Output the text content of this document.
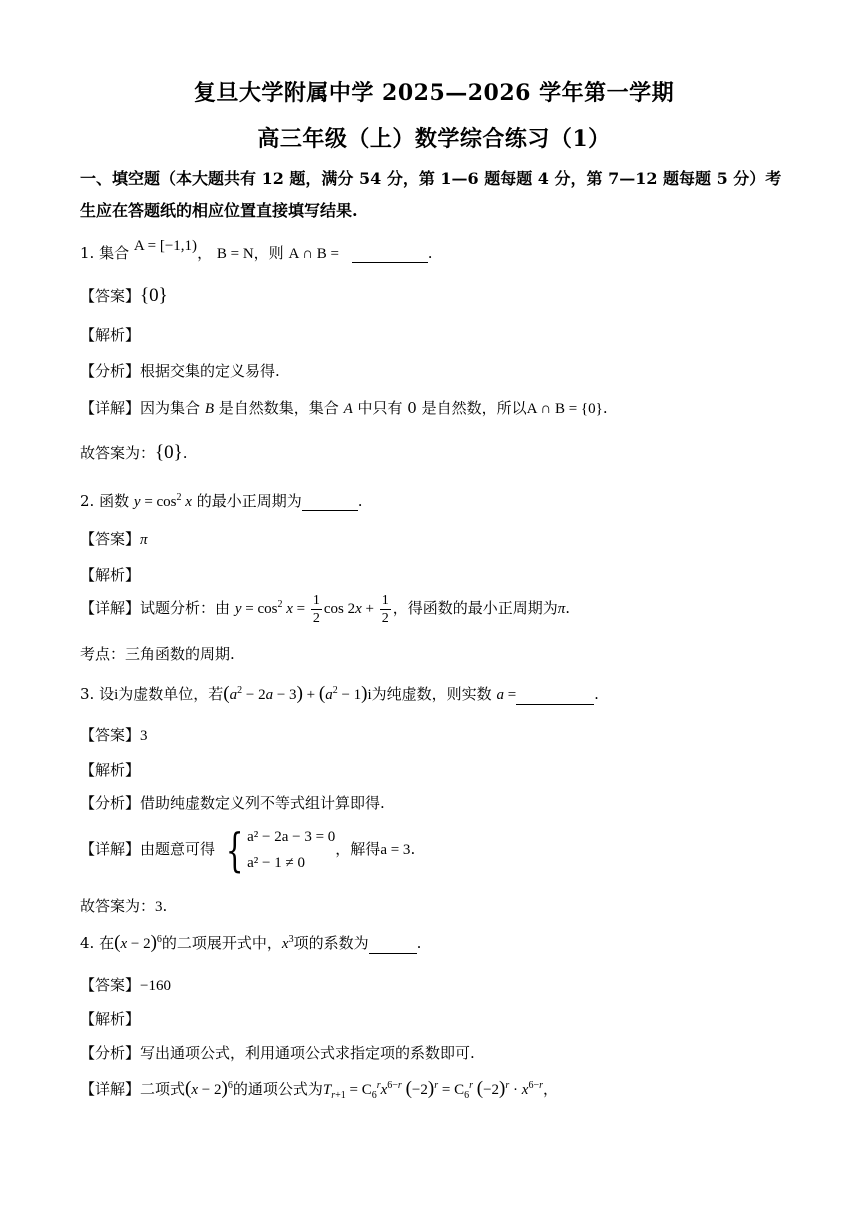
复旦大学附属中学 2025—2026 学年第一学期
高三年级（上）数学综合练习（1）
一、填空题（本大题共有 12 题，满分 54 分，第 1—6 题每题 4 分，第 7—12 题每题 5 分）考
生应在答题纸的相应位置直接填写结果.
1. 集合 A = [−1,1)， B = N，则 A ∩ B =	.
【答案】{0}
【解析】
【分析】根据交集的定义易得.
【详解】因为集合 B 是自然数集，集合 A 中只有 0 是自然数，所以A ∩ B = {0}.
故答案为：{0}.
2. 函数 $y = \cos^2 x$ 的最小正周期为	.
【答案】π
【解析】
【详解】试题分析：由 $y = \cos^2 x = \frac{1}{2}$ $\cos 2x + \frac{1}{2}$ ，得函数的最小正周期为π.
考点：三角函数的周期.
3. 设i为虚数单位，若$(a^2 - 2a - 3) + (a^2 - 1)i$为纯虚数，则实数 a =	.
【答案】3
【解析】
【分析】借助纯虚数定义列不等式组计算即得.
【详解】由题意可得 { a² − 2a − 3 = 0
a² − 1 ≠ 0
，解得a = 3.
故答案为：3.
4. 在$(x - 2)^6$的二项展开式中，$x^3$项的系数为	.
【答案】−160
【解析】
【分析】写出通项公式，利用通项公式求指定项的系数即可.
【详解】二项式$(x - 2)^6$的通项公式为$T_{r+1} = C_6^rx^{6-r}$ $(-2)^r = C_6^r$ $(-2)^r \cdot x^{6-r}$，
